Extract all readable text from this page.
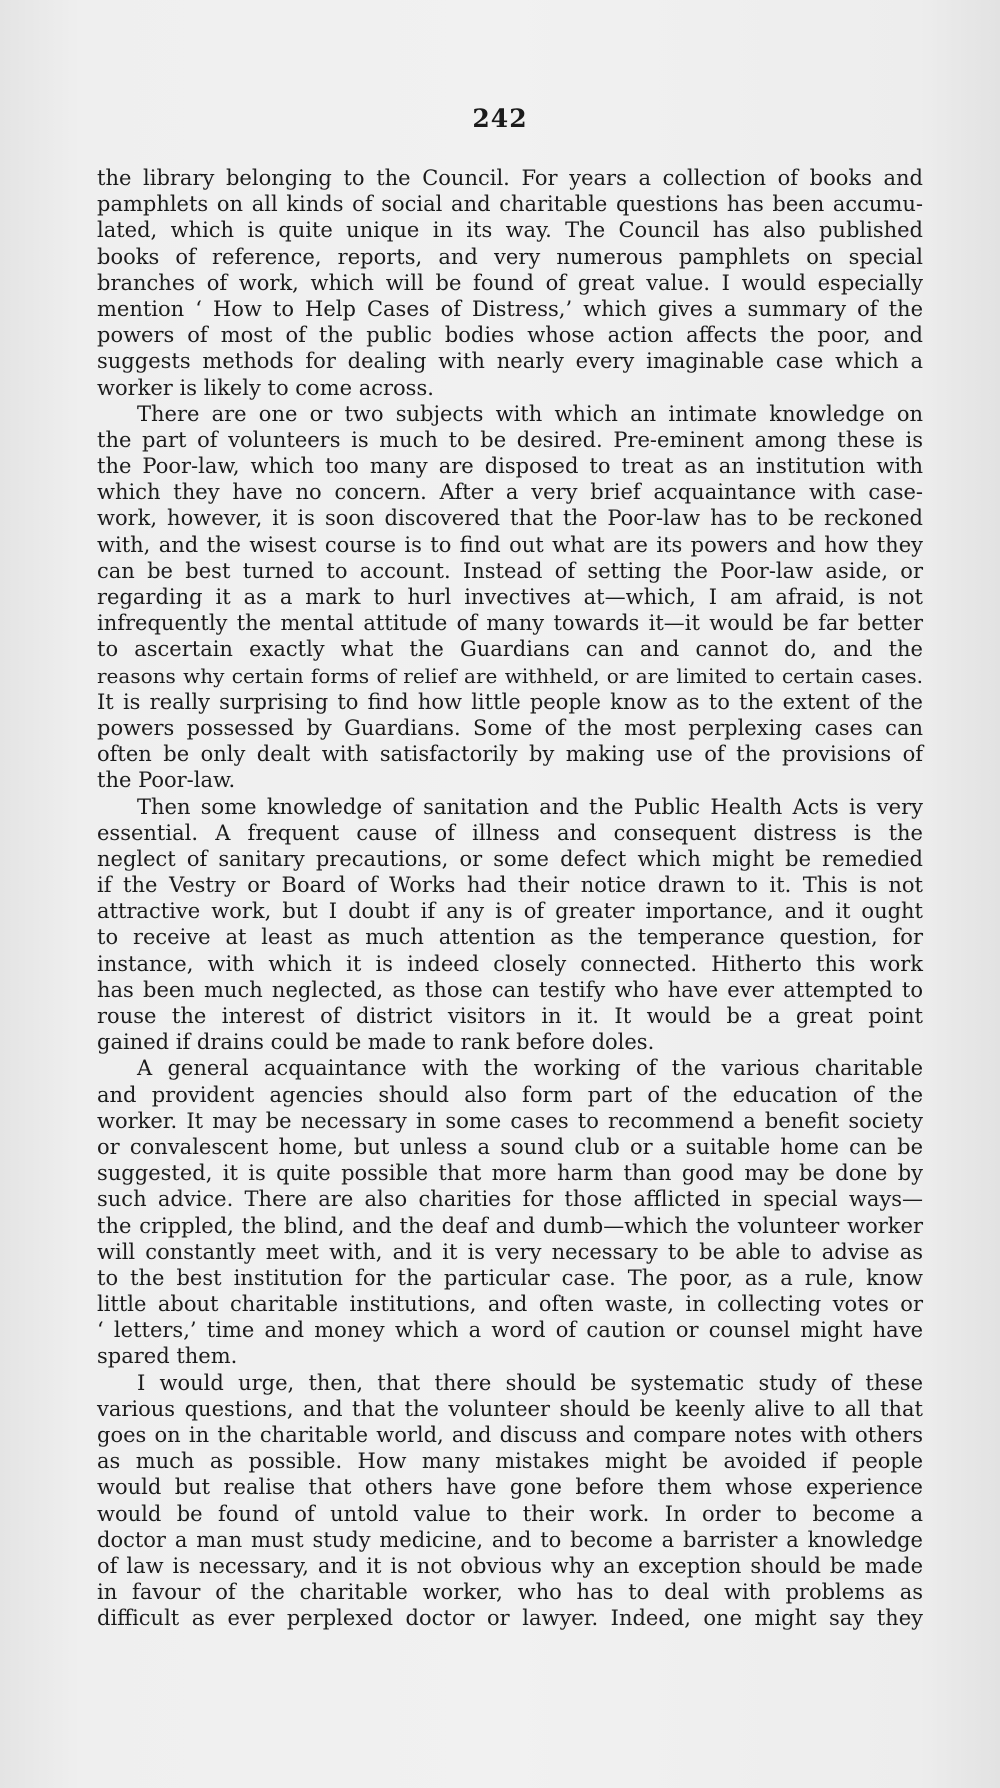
242
the library belonging to the Council. For years a collection of books and
pamphlets on all kinds of social and charitable questions has been accumu-
lated, which is quite unique in its way. The Council has also published
books of reference, reports, and very numerous pamphlets on special
branches of work, which will be found of great value. I would especially
mention ‘ How to Help Cases of Distress,’ which gives a summary of the
powers of most of the public bodies whose action affects the poor, and
suggests methods for dealing with nearly every imaginable case which a
worker is likely to come across.
There are one or two subjects with which an intimate knowledge on
the part of volunteers is much to be desired. Pre-eminent among these is
the Poor-law, which too many are disposed to treat as an institution with
which they have no concern. After a very brief acquaintance with case-
work, however, it is soon discovered that the Poor-law has to be reckoned
with, and the wisest course is to find out what are its powers and how they
can be best turned to account. Instead of setting the Poor-law aside, or
regarding it as a mark to hurl invectives at—which, I am afraid, is not
infrequently the mental attitude of many towards it—it would be far better
to ascertain exactly what the Guardians can and cannot do, and the
reasons why certain forms of relief are withheld, or are limited to certain cases.
It is really surprising to find how little people know as to the extent of the
powers possessed by Guardians. Some of the most perplexing cases can
often be only dealt with satisfactorily by making use of the provisions of
the Poor-law.
Then some knowledge of sanitation and the Public Health Acts is very
essential. A frequent cause of illness and consequent distress is the
neglect of sanitary precautions, or some defect which might be remedied
if the Vestry or Board of Works had their notice drawn to it. This is not
attractive work, but I doubt if any is of greater importance, and it ought
to receive at least as much attention as the temperance question, for
instance, with which it is indeed closely connected. Hitherto this work
has been much neglected, as those can testify who have ever attempted to
rouse the interest of district visitors in it. It would be a great point
gained if drains could be made to rank before doles.
A general acquaintance with the working of the various charitable
and provident agencies should also form part of the education of the
worker. It may be necessary in some cases to recommend a benefit society
or convalescent home, but unless a sound club or a suitable home can be
suggested, it is quite possible that more harm than good may be done by
such advice. There are also charities for those afflicted in special ways—
the crippled, the blind, and the deaf and dumb—which the volunteer worker
will constantly meet with, and it is very necessary to be able to advise as
to the best institution for the particular case. The poor, as a rule, know
little about charitable institutions, and often waste, in collecting votes or
‘ letters,’ time and money which a word of caution or counsel might have
spared them.
I would urge, then, that there should be systematic study of these
various questions, and that the volunteer should be keenly alive to all that
goes on in the charitable world, and discuss and compare notes with others
as much as possible. How many mistakes might be avoided if people
would but realise that others have gone before them whose experience
would be found of untold value to their work. In order to become a
doctor a man must study medicine, and to become a barrister a knowledge
of law is necessary, and it is not obvious why an exception should be made
in favour of the charitable worker, who has to deal with problems as
difficult as ever perplexed doctor or lawyer. Indeed, one might say they
